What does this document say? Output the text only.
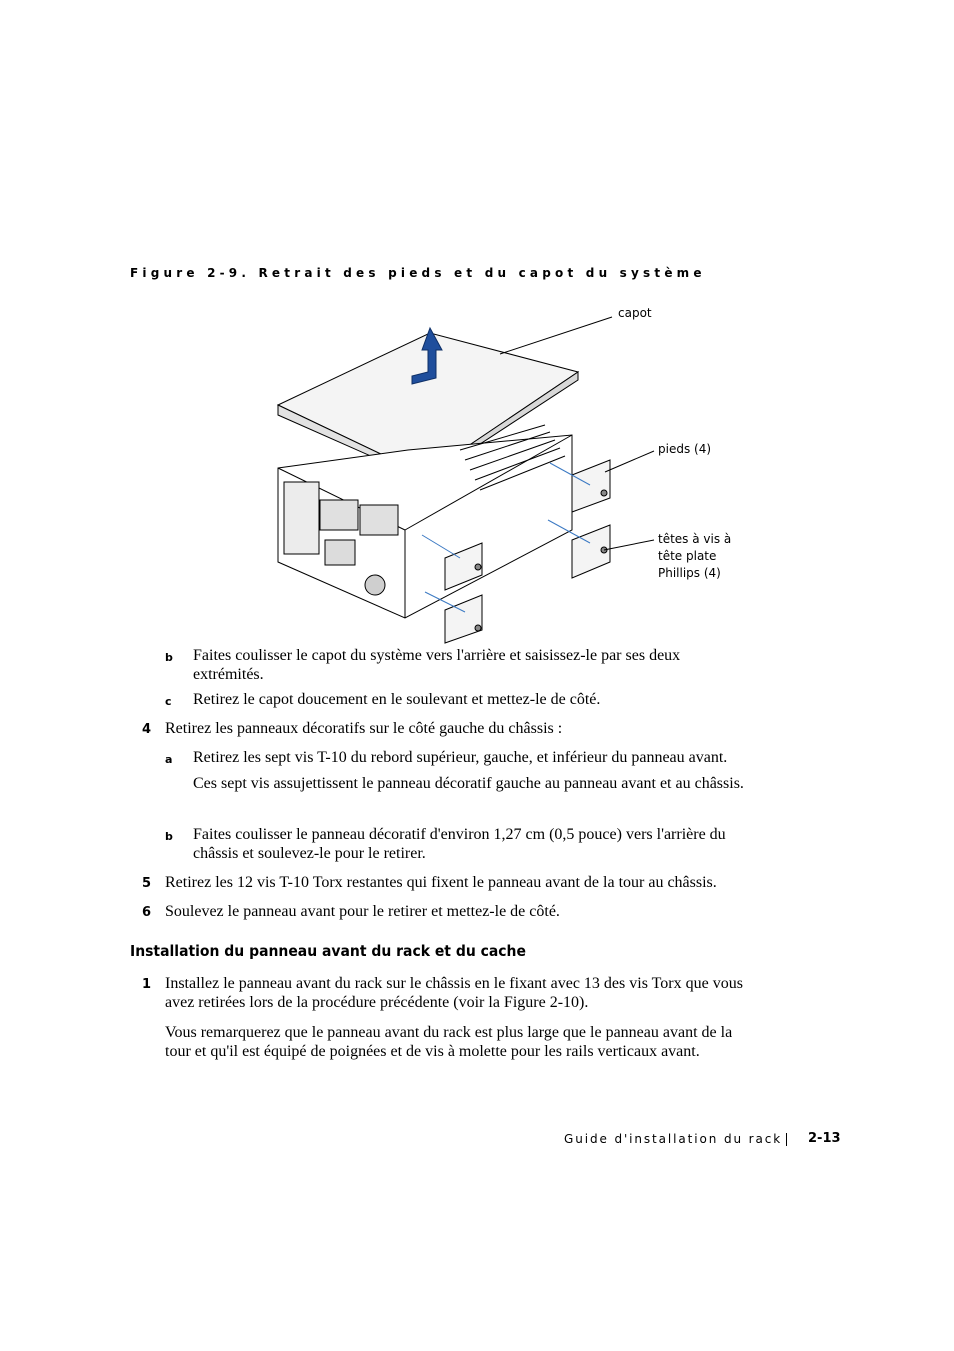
Figure 2-9. Retrait des pieds et du capot du système
capot
pieds (4)
têtes à vis à
tête plate
Phillips (4)
b Faites coulisser le capot du système vers l'arrière et saisissez-le par ses deux extrémités.
c Retirez le capot doucement en le soulevant et mettez-le de côté.
4 Retirez les panneaux décoratifs sur le côté gauche du châssis :
a Retirez les sept vis T-10 du rebord supérieur, gauche, et inférieur du panneau avant.
Ces sept vis assujettissent le panneau décoratif gauche au panneau avant et au châssis.
b Faites coulisser le panneau décoratif d'environ 1,27 cm (0,5 pouce) vers l'arrière du châssis et soulevez-le pour le retirer.
5 Retirez les 12 vis T-10 Torx restantes qui fixent le panneau avant de la tour au châssis.
6 Soulevez le panneau avant pour le retirer et mettez-le de côté.
Installation du panneau avant du rack et du cache
1 Installez le panneau avant du rack sur le châssis en le fixant avec 13 des vis Torx que vous avez retirées lors de la procédure précédente (voir la Figure 2-10).
Vous remarquerez que le panneau avant du rack est plus large que le panneau avant de la tour et qu'il est équipé de poignées et de vis à molette pour les rails verticaux avant.
Guide d'installation du rack 2-13
